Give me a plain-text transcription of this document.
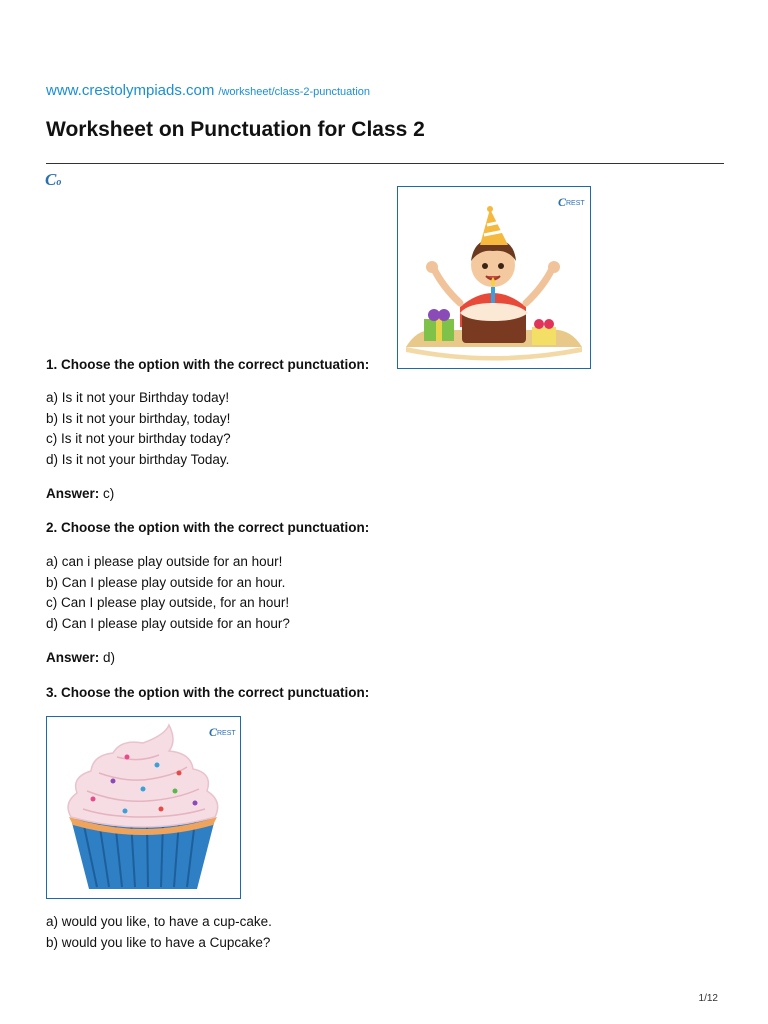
www.crestolympiads.com /worksheet/class-2-punctuation
Worksheet on Punctuation for Class 2
Co
C REST
1. Choose the option with the correct punctuation:
a) Is it not your Birthday today!
b) Is it not your birthday, today!
c) Is it not your birthday today?
d) Is it not your birthday Today.
Answer: c)
2. Choose the option with the correct punctuation:
a) can i please play outside for an hour!
b) Can I please play outside for an hour.
c) Can I please play outside, for an hour!
d) Can I please play outside for an hour?
Answer: d)
3. Choose the option with the correct punctuation:
C REST
a) would you like, to have a cup-cake.
b) would you like to have a Cupcake?
1/12
